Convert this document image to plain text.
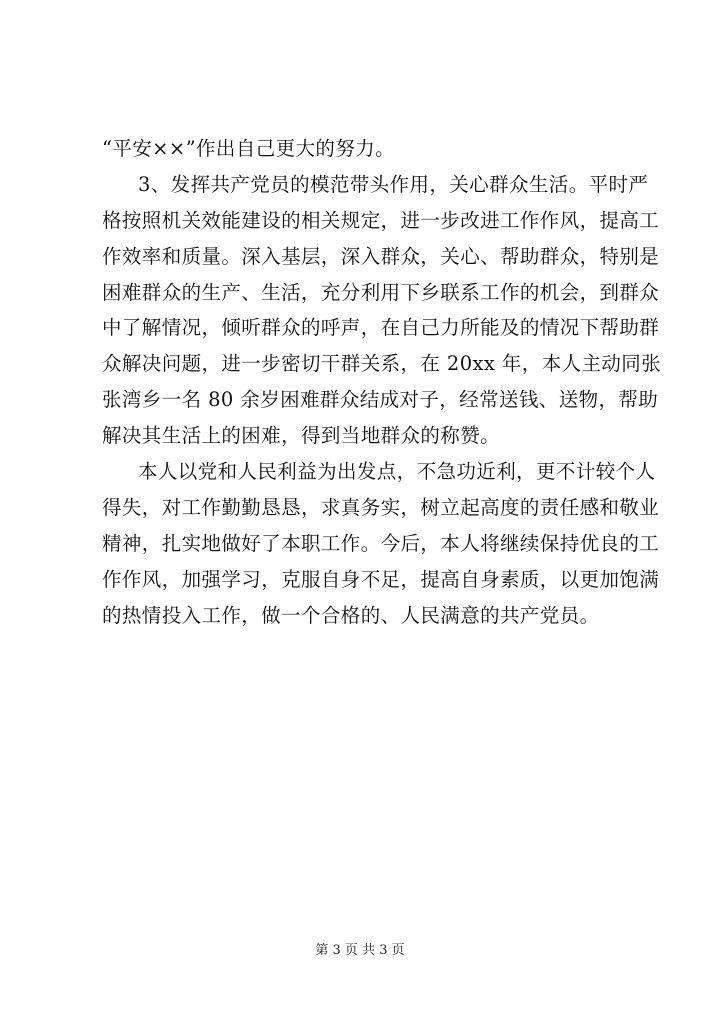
“平安××”作出自己更大的努力。
3、发挥共产党员的模范带头作用，关心群众生活。平时严
格按照机关效能建设的相关规定，进一步改进工作作风，提高工
作效率和质量。深入基层，深入群众，关心、帮助群众，特别是
困难群众的生产、生活，充分利用下乡联系工作的机会，到群众
中了解情况，倾听群众的呼声，在自己力所能及的情况下帮助群
众解决问题，进一步密切干群关系，在 20xx 年，本人主动同张
张湾乡一名 80 余岁困难群众结成对子，经常送钱、送物，帮助
解决其生活上的困难，得到当地群众的称赞。
本人以党和人民利益为出发点，不急功近利，更不计较个人
得失，对工作勤勤恳恳，求真务实，树立起高度的责任感和敬业
精神，扎实地做好了本职工作。今后，本人将继续保持优良的工
作作风，加强学习，克服自身不足，提高自身素质，以更加饱满
的热情投入工作，做一个合格的、人民满意的共产党员。
第 3 页 共 3 页
